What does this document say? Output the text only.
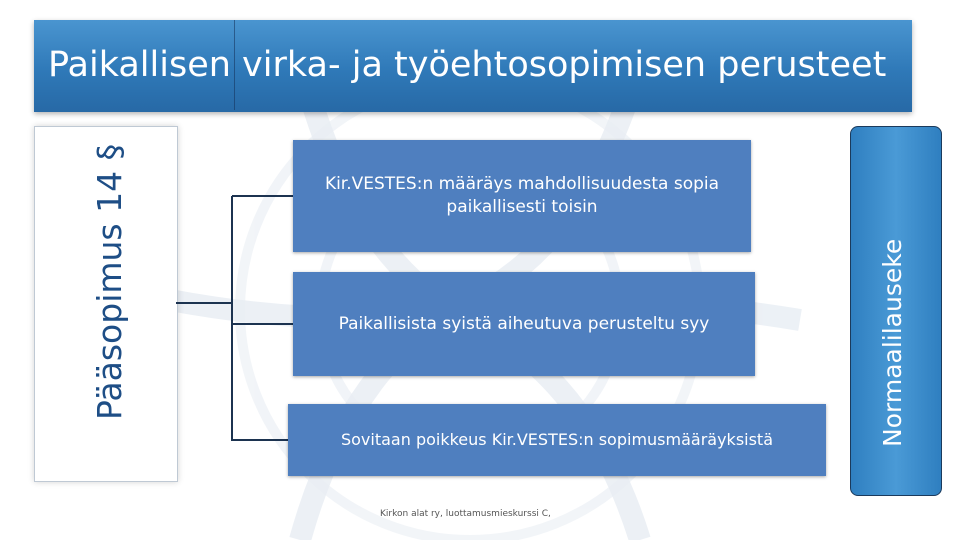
Paikallisen virka- ja työehtosopimisen perusteet
Pääsopimus 14 §	Kir.VESTES:n määräys mahdollisuudesta sopia paikallisesti toisin
Paikallisista syistä aiheutuva perusteltu syy
Sovitaan poikkeus Kir.VESTES:n sopimusmääräyksistä	Normaalilauseke
Kirkon alat ry, luottamusmieskurssi C,
